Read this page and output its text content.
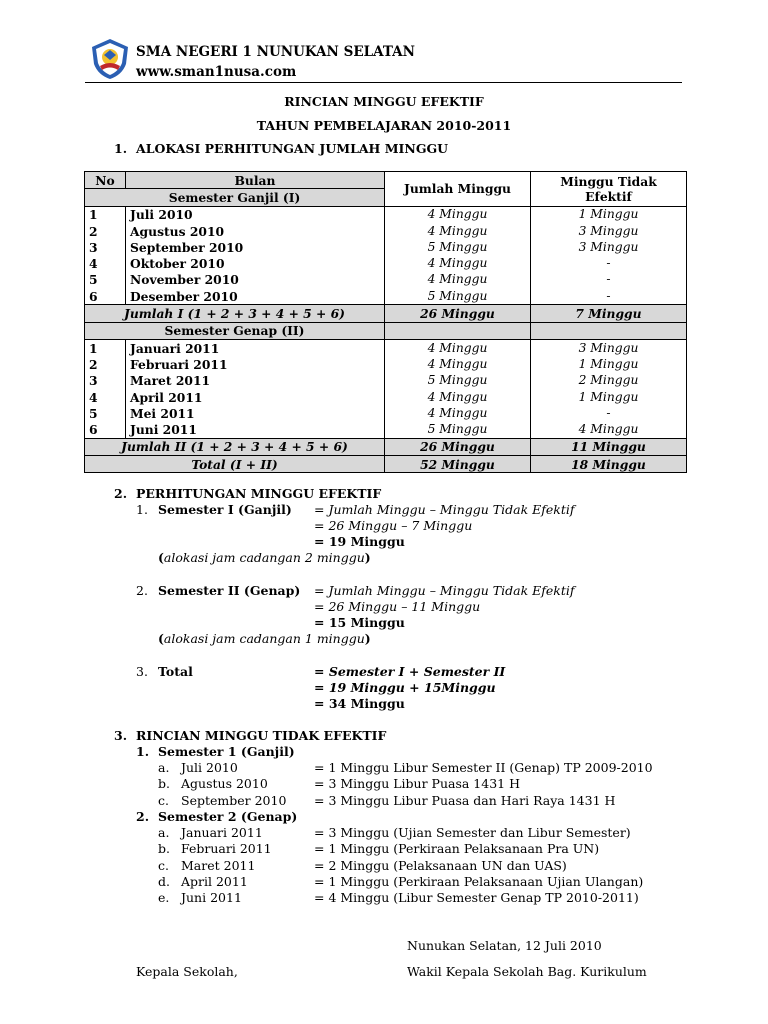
SMA NEGERI 1 NUNUKAN SELATAN
www.sman1nusa.com
RINCIAN MINGGU EFEKTIF
TAHUN PEMBELAJARAN 2010-2011
1. ALOKASI PERHITUNGAN JUMLAH MINGGU
No	Bulan	Jumlah Minggu	Minggu Tidak Efektif
Semester Ganjil (I)			
1	Juli 2010	4 Minggu	1 Minggu
2	Agustus 2010	4 Minggu	3 Minggu
3	September 2010	5 Minggu	3 Minggu
4	Oktober 2010	4 Minggu	-
5	November 2010	4 Minggu	-
6	Desember 2010	5 Minggu	-
Jumlah I (1 + 2 + 3 + 4 + 5 + 6)		26 Minggu	7 Minggu
Semester Genap (II)			
1	Januari 2011	4 Minggu	3 Minggu
2	Februari 2011	4 Minggu	1 Minggu
3	Maret 2011	5 Minggu	2 Minggu
4	April 2011	4 Minggu	1 Minggu
5	Mei 2011	4 Minggu	-
6	Juni 2011	5 Minggu	4 Minggu
Jumlah II (1 + 2 + 3 + 4 + 5 + 6)		26 Minggu	11 Minggu
Total (I + II)		52 Minggu	18 Minggu
2. PERHITUNGAN MINGGU EFEKTIF
1. Semester I (Ganjil) = Jumlah Minggu – Minggu Tidak Efektif
= 26 Minggu – 7 Minggu
= 19 Minggu
(alokasi jam cadangan 2 minggu)
2. Semester II (Genap) = Jumlah Minggu – Minggu Tidak Efektif
= 26 Minggu – 11 Minggu
= 15 Minggu
(alokasi jam cadangan 1 minggu)
3. Total	= Semester I + Semester II
= 19 Minggu + 15Minggu
= 34 Minggu
3. RINCIAN MINGGU TIDAK EFEKTIF
1. Semester 1 (Ganjil)
a. Juli 2010	= 1 Minggu Libur Semester II (Genap) TP 2009-2010
b. Agustus 2010	= 3 Minggu Libur Puasa 1431 H
c. September 2010 = 3 Minggu Libur Puasa dan Hari Raya 1431 H
2. Semester 2 (Genap)
a. Januari 2011	= 3 Minggu (Ujian Semester dan Libur Semester)
b. Februari 2011	= 1 Minggu (Perkiraan Pelaksanaan Pra UN)
c. Maret 2011	= 2 Minggu (Pelaksanaan UN dan UAS)
d. April 2011	= 1 Minggu (Perkiraan Pelaksanaan Ujian Ulangan)
e. Juni 2011	= 4 Minggu (Libur Semester Genap TP 2010-2011)
Nunukan Selatan, 12 Juli 2010
Kepala Sekolah,	Wakil Kepala Sekolah Bag. Kurikulum
